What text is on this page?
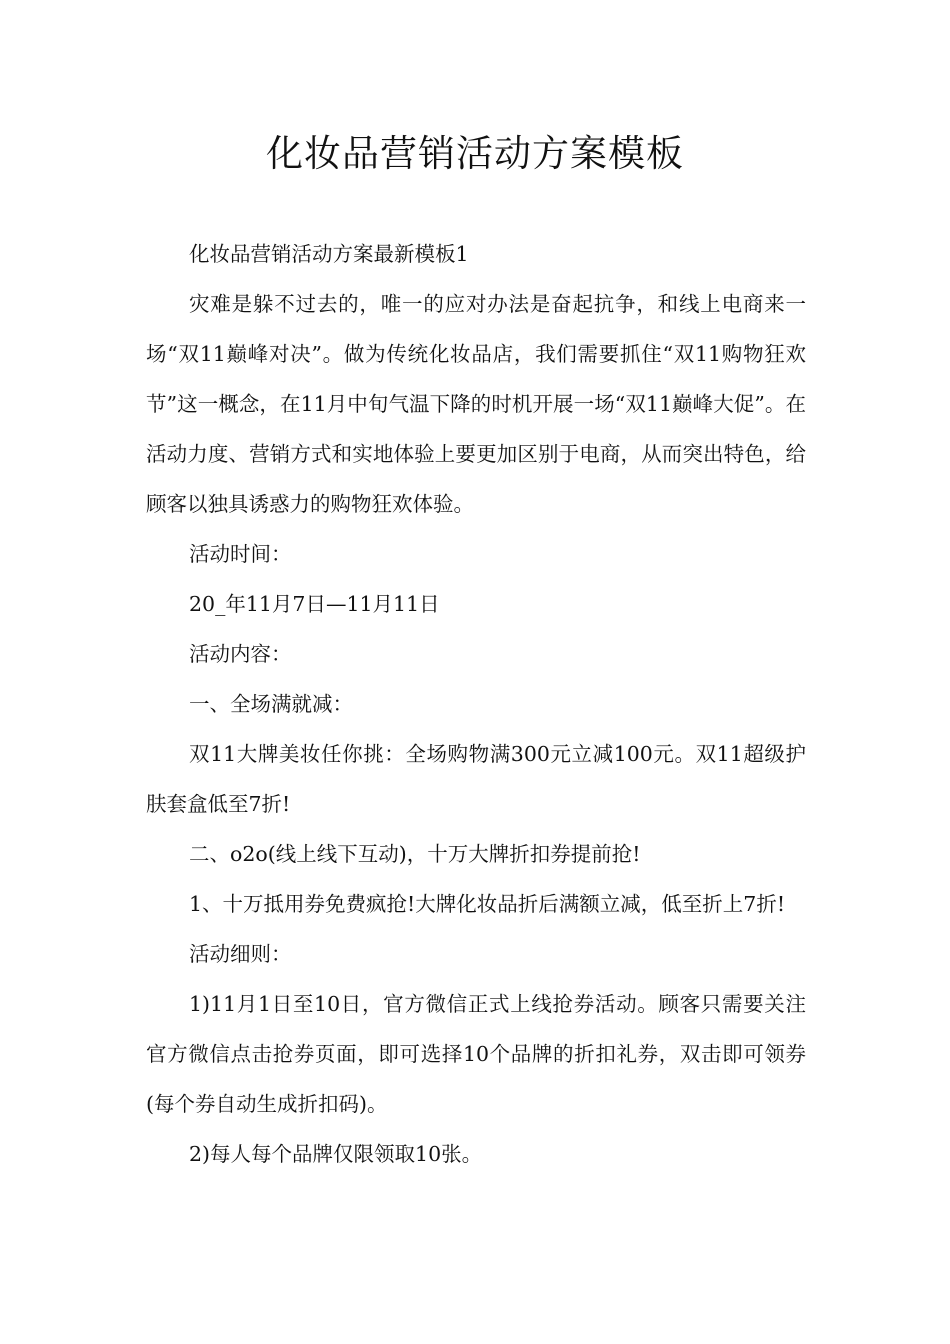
化妆品营销活动方案模板

化妆品营销活动方案最新模板1

灾难是躲不过去的，唯一的应对办法是奋起抗争，和线上电商来一场“双11巅峰对决”。做为传统化妆品店，我们需要抓住“双11购物狂欢节”这一概念，在11月中旬气温下降的时机开展一场“双11巅峰大促”。在活动力度、营销方式和实地体验上要更加区别于电商，从而突出特色，给顾客以独具诱惑力的购物狂欢体验。

活动时间：

20_年11月7日—11月11日

活动内容：

一、全场满就减：

双11大牌美妆任你挑：全场购物满300元立减100元。双11超级护肤套盒低至7折!

二、o2o(线上线下互动)，十万大牌折扣券提前抢!

1、十万抵用券免费疯抢!大牌化妆品折后满额立减，低至折上7折!

活动细则：

1)11月1日至10日，官方微信正式上线抢券活动。顾客只需要关注官方微信点击抢券页面，即可选择10个品牌的折扣礼券，双击即可领券(每个券自动生成折扣码)。

2)每人每个品牌仅限领取10张。
